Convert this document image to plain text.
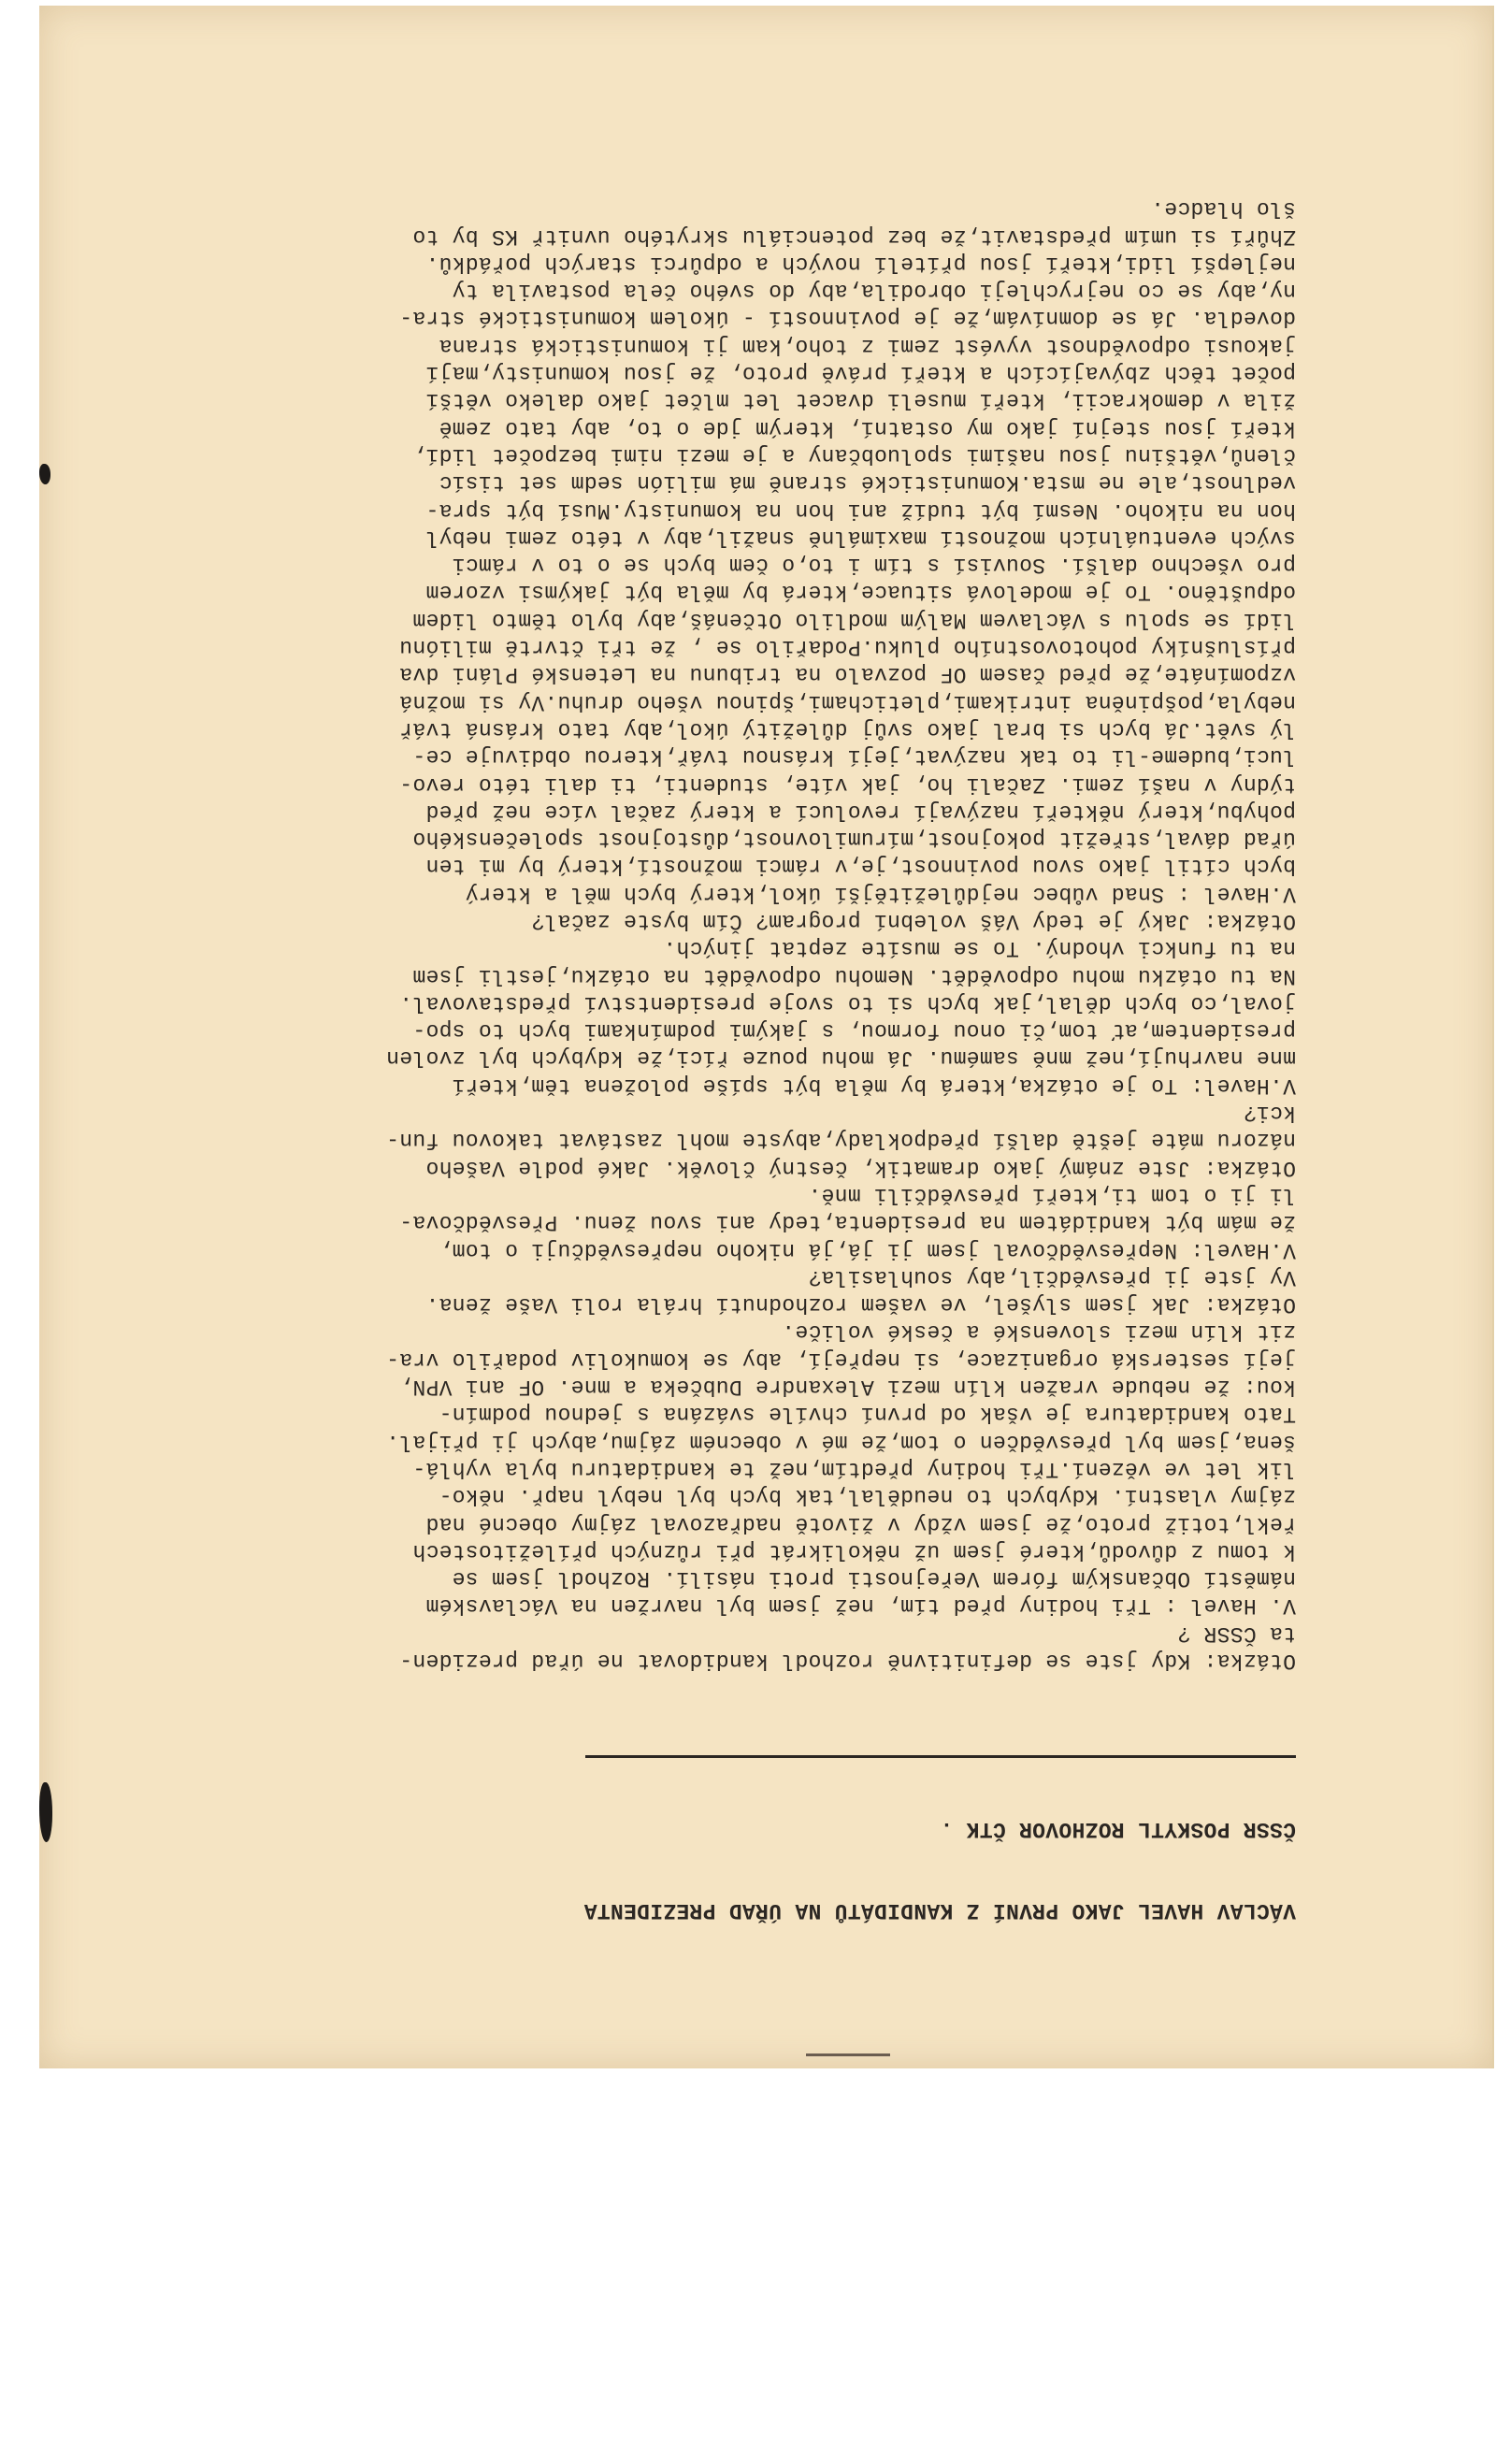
VÁCLAV HAVEL JAKO PRVNÍ Z KANDIDÁTŮ NA ÚŘAD PREZIDENTA

ČSSR POSKYTL ROZHOVOR ČTK .

Otázka: Kdy jste se definitivně rozhodl kandidovat ne úřad preziden-
ta ČSSR ?
V. Havel : Tři hodiny před tím, než jsem byl navržen na Václavském
náměstí Občanským fórem Veřejnosti proti násilí. Rozhodl jsem se
k tomu z důvodů,které jsem už několikrát při různých příležitostech
řekl,totiž proto,že jsem vždy v životě nadřazoval zájmy obecné nad
zájmy vlastní. Kdybych to neudělal,tak bych byl nebyl např. něko-
lik let ve vězení.Tři hodiny předtím,než te kandidaturu byla vyhlá-
šena,jsem byl přesvědčen o tom,že mé v obecném zájmu,abych ji přijal.
Tato kandidatura je však od první chvíle svázána s jednou podmín-
kou: že nebude vražen klín mezi Alexandre Dubčeka a mne. OF ani VPN,
její sesterská organizace, si nepřejí, aby se komukoliv podařilo vra-
zit klín mezi slovenské a české voliče.
Otázka: Jak jsem slyšel, ve vašem rozhodnutí hrála roli Vaše žena.
Vy jste ji přesvědčil,aby souhlasila?
V.Havel: Nepřesvědčoval jsem ji já,já nikoho nepřesvědčuji o tom,
že mám být kandidátem na presidenta,tedy ani svou ženu. Přesvědčova-
li ji o tom ti,kteří přesvědčili mně.
Otázka: Jste známý jako dramatik, čestný člověk. Jaké podle Vašeho
názoru máte ještě další předpoklady,abyste mohl zastávat takovou fun-
kci?
V.Havel: To je otázka,která by měla být spíše položena těm,kteří
mne navrhují,než mně samému. Já mohu pouze říci,že kdybych byl zvolen
presidentem,ať tom,či onou formou, s jakými podmínkami bych to spo-
joval,co bych dělal,jak bych si to svoje presidentství představoval.
Na tu otázku mohu odpovědět. Nemohu odpovědět na otázku,jestli jsem
na tu funkci vhodný. To se musíte zeptat jiných.
Otázka: Jaký je tedy Váš volební program? Čím byste začal?
V.Havel : Snad vůbec nejdůležitější úkol,který bych měl a který
bych cítil jako svou povinnost,je,v rámci možností,který by mi ten
úřad dával,střežit pokojnost,mírumilovnost,důstojnost společenského
pohybu,který někteří nazývají revolucí a který začal více než před
týdny v naší zemi. Začali ho, jak víte, studenti, ti dali této revo-
luci,budeme-li to tak nazývat,její krásnou tvář,kterou obdivuje ce-
lý svět.Já bych si bral jako svůj důležitý úkol,aby tato krásná tvář
nebyla,pošpiněna intrikami,pletichami,špinou všeho druhu.Vy si možná
vzpomínáte,že před časem OF pozvalo na tribunu na Letenské Pláni dva
příslušníky pohotovostního pluku.Podařilo se , že tři čtvrtě miliónu
lidí se spolu s Václavem Malým modlilo Otčenáš,aby bylo těmto lidem
odpuštěno. To je modelová situace,která by měla být jakýmsi vzorem
pro všechno další. Souvisí s tím i to,o čem bych se o to v rámci
svých eventuálních možností maximálně snažil,aby v této zemi nebyl
hon na nikoho. Nesmí být tudíž ani hon na komunisty.Musí být spra-
vedlnost,ale ne msta.Komunistické straně má milión sedm set tisíc
členů,většinu jsou našimi spoluobčany a je mezi nimi bezpočet lidí,
kteří jsou stejní jako my ostatní, kterým jde o to, aby tato země
žila v demokracii, kteří museli dvacet let mlčet jako daleko větší
počet těch zbývajících a kteří právě proto, že jsou komunisty,mají
jakousi odpovědnost vyvést zemi z toho,kam ji komunistická strana
dovedla. Já se domnívám,že je povinností - úkolem komunistické stra-
ny,aby se co nejrychleji obrodila,aby do svého čela postavila ty
nejlepší lidi,kteří jsou přítelí nových a odpůrci starých pořádků.
Zhůří si umím představit,že bez potenciálu skrytého uvnitř KS by to
šlo hladce.
